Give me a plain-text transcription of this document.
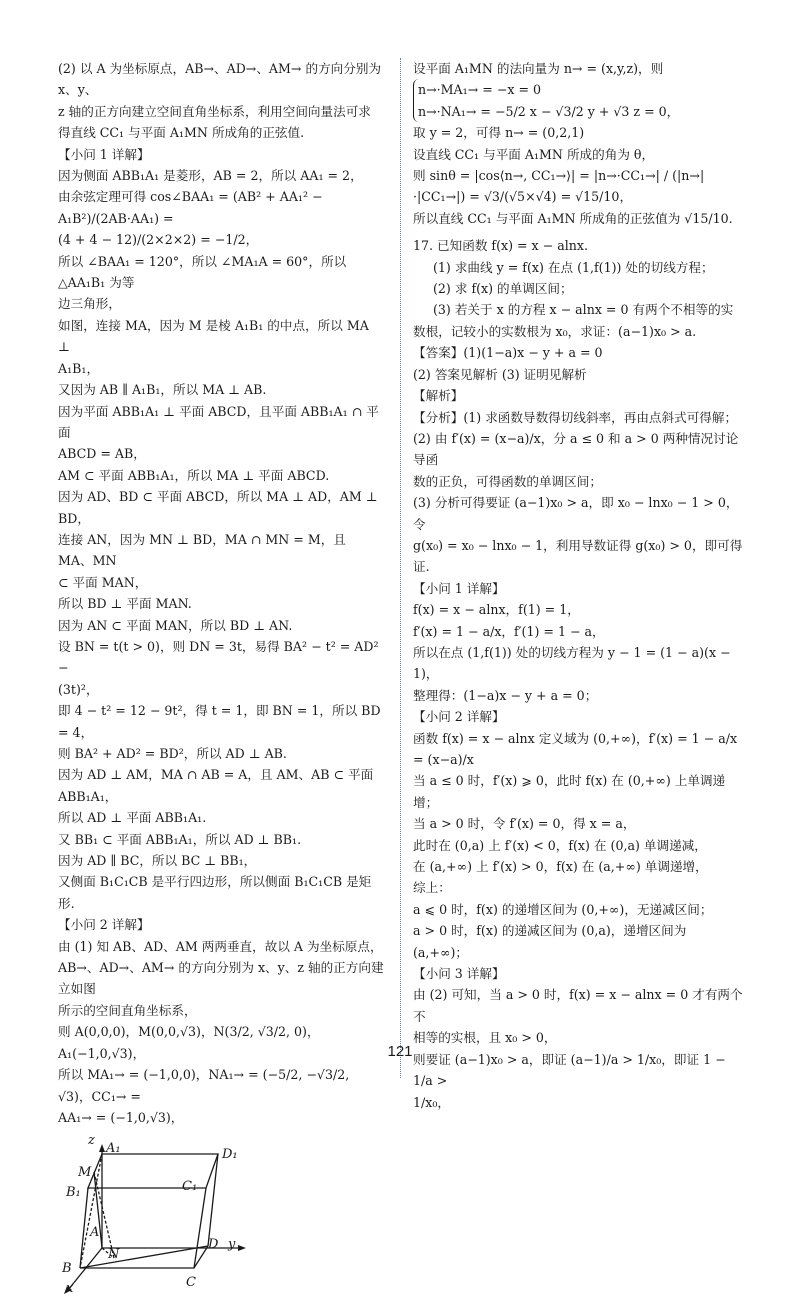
(2) 以 A 为坐标原点，AB→、AD→、AM→ 的方向分别为 x、y、
z 轴的正方向建立空间直角坐标系，利用空间向量法可求
得直线 CC₁ 与平面 A₁MN 所成角的正弦值.
【小问 1 详解】
因为侧面 ABB₁A₁ 是菱形，AB = 2，所以 AA₁ = 2，
由余弦定理可得 cos∠BAA₁ = (AB² + AA₁² − A₁B²)/(2AB·AA₁) =
(4 + 4 − 12)/(2×2×2) = −1/2，
所以 ∠BAA₁ = 120°，所以 ∠MA₁A = 60°，所以 △AA₁B₁ 为等
边三角形，
如图，连接 MA，因为 M 是棱 A₁B₁ 的中点，所以 MA ⊥
A₁B₁，
又因为 AB ∥ A₁B₁，所以 MA ⊥ AB.
因为平面 ABB₁A₁ ⊥ 平面 ABCD，且平面 ABB₁A₁ ∩ 平面
ABCD = AB，
AM ⊂ 平面 ABB₁A₁，所以 MA ⊥ 平面 ABCD.
因为 AD、BD ⊂ 平面 ABCD，所以 MA ⊥ AD，AM ⊥
BD，
连接 AN，因为 MN ⊥ BD，MA ∩ MN = M，且 MA、MN
⊂ 平面 MAN，
所以 BD ⊥ 平面 MAN.
因为 AN ⊂ 平面 MAN，所以 BD ⊥ AN.
设 BN = t(t > 0)，则 DN = 3t，易得 BA² − t² = AD² −
(3t)²，
即 4 − t² = 12 − 9t²，得 t = 1，即 BN = 1，所以 BD = 4，
则 BA² + AD² = BD²，所以 AD ⊥ AB.
因为 AD ⊥ AM，MA ∩ AB = A，且 AM、AB ⊂ 平面
ABB₁A₁，
所以 AD ⊥ 平面 ABB₁A₁.
又 BB₁ ⊂ 平面 ABB₁A₁，所以 AD ⊥ BB₁.
因为 AD ∥ BC，所以 BC ⊥ BB₁，
又侧面 B₁C₁CB 是平行四边形，所以侧面 B₁C₁CB 是矩形.
【小问 2 详解】
由 (1) 知 AB、AD、AM 两两垂直，故以 A 为坐标原点，
AB→、AD→、AM→ 的方向分别为 x、y、z 轴的正方向建立如图
所示的空间直角坐标系，
则 A(0,0,0)，M(0,0,√3)，N(3/2, √3/2, 0)，A₁(−1,0,√3)，
所以 MA₁→ = (−1,0,0)，NA₁→ = (−5/2, −√3/2, √3)，CC₁→ =
AA₁→ = (−1,0,√3)，
z
A₁	D₁
M
C₁
B₁
A
N
D y
B
C
x
设平面 A₁MN 的法向量为 n→ = (x,y,z)，则
n→·MA₁→ = −x = 0
n→·NA₁→ = −5/2 x − √3/2 y + √3 z = 0，
取 y = 2，可得 n→ = (0,2,1)
设直线 CC₁ 与平面 A₁MN 所成的角为 θ，
则 sinθ = |cos⟨n→, CC₁→⟩| = |n→·CC₁→| / (|n→|·|CC₁→|) = √3/(√5×√4) = √15/10，
所以直线 CC₁ 与平面 A₁MN 所成角的正弦值为 √15/10.
17. 已知函数 f(x) = x − alnx.
(1) 求曲线 y = f(x) 在点 (1,f(1)) 处的切线方程；
(2) 求 f(x) 的单调区间；
(3) 若关于 x 的方程 x − alnx = 0 有两个不相等的实
数根，记较小的实数根为 x₀，求证：(a−1)x₀ > a.
【答案】(1)(1−a)x − y + a = 0
(2) 答案见解析 (3) 证明见解析
【解析】
【分析】(1) 求函数导数得切线斜率，再由点斜式可得解；
(2) 由 f′(x) = (x−a)/x，分 a ≤ 0 和 a > 0 两种情况讨论导函
数的正负，可得函数的单调区间；
(3) 分析可得要证 (a−1)x₀ > a，即 x₀ − lnx₀ − 1 > 0，令
g(x₀) = x₀ − lnx₀ − 1，利用导数证得 g(x₀) > 0，即可得证.
【小问 1 详解】
f(x) = x − alnx，f(1) = 1，
f′(x) = 1 − a/x，f′(1) = 1 − a，
所以在点 (1,f(1)) 处的切线方程为 y − 1 = (1 − a)(x −
1)，
整理得：(1−a)x − y + a = 0；
【小问 2 详解】
函数 f(x) = x − alnx 定义域为 (0,+∞)，f′(x) = 1 − a/x
= (x−a)/x
当 a ≤ 0 时，f′(x) ⩾ 0，此时 f(x) 在 (0,+∞) 上单调递增；
当 a > 0 时，令 f′(x) = 0，得 x = a，
此时在 (0,a) 上 f′(x) < 0，f(x) 在 (0,a) 单调递减，
在 (a,+∞) 上 f′(x) > 0，f(x) 在 (a,+∞) 单调递增，
综上：
a ⩽ 0 时，f(x) 的递增区间为 (0,+∞)，无递减区间；
a > 0 时，f(x) 的递减区间为 (0,a)，递增区间为 (a,+∞)；
【小问 3 详解】
由 (2) 可知，当 a > 0 时，f(x) = x − alnx = 0 才有两个不
相等的实根，且 x₀ > 0，
则要证 (a−1)x₀ > a，即证 (a−1)/a > 1/x₀，即证 1 − 1/a >
1/x₀，
121
